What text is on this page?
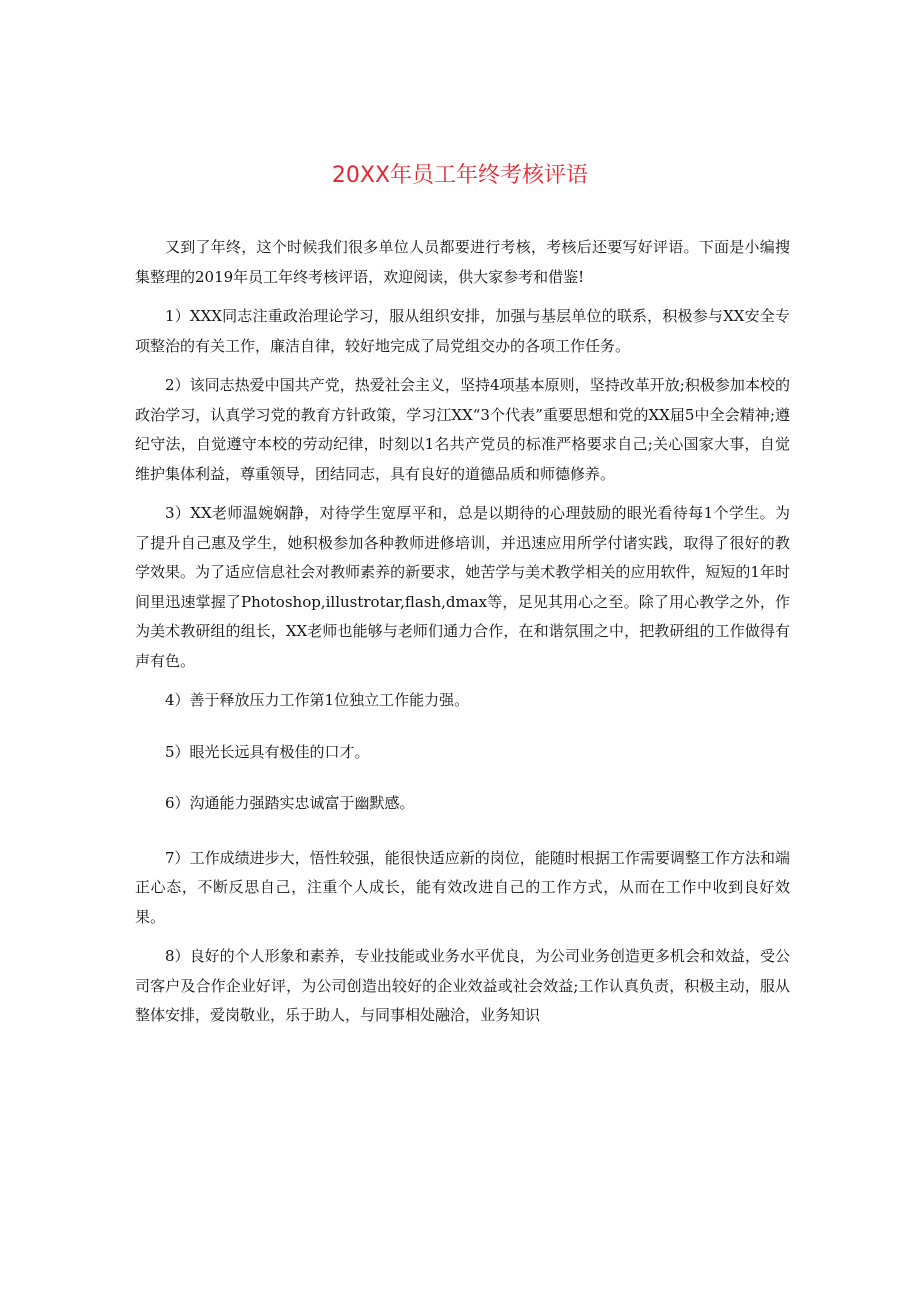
20XX年员工年终考核评语

又到了年终，这个时候我们很多单位人员都要进行考核，考核后还要写好评语。下面是小编搜集整理的2019年员工年终考核评语，欢迎阅读，供大家参考和借鉴!

1）XXX同志注重政治理论学习，服从组织安排，加强与基层单位的联系，积极参与XX安全专项整治的有关工作，廉洁自律，较好地完成了局党组交办的各项工作任务。

2）该同志热爱中国共产党，热爱社会主义，坚持4项基本原则，坚持改革开放;积极参加本校的政治学习，认真学习党的教育方针政策，学习江XX“3个代表”重要思想和党的XX届5中全会精神;遵纪守法，自觉遵守本校的劳动纪律，时刻以1名共产党员的标准严格要求自己;关心国家大事，自觉维护集体利益，尊重领导，团结同志，具有良好的道德品质和师德修养。

3）XX老师温婉娴静，对待学生宽厚平和，总是以期待的心理鼓励的眼光看待每1个学生。为了提升自己惠及学生，她积极参加各种教师进修培训，并迅速应用所学付诸实践，取得了很好的教学效果。为了适应信息社会对教师素养的新要求，她苦学与美术教学相关的应用软件，短短的1年时间里迅速掌握了Photoshop,illustrotar,flash,dmax等，足见其用心之至。除了用心教学之外，作为美术教研组的组长，XX老师也能够与老师们通力合作，在和谐氛围之中，把教研组的工作做得有声有色。

4）善于释放压力工作第1位独立工作能力强。

5）眼光长远具有极佳的口才。

6）沟通能力强踏实忠诚富于幽默感。

7）工作成绩进步大，悟性较强，能很快适应新的岗位，能随时根据工作需要调整工作方法和端正心态，不断反思自己，注重个人成长，能有效改进自己的工作方式，从而在工作中收到良好效果。

8）良好的个人形象和素养，专业技能或业务水平优良，为公司业务创造更多机会和效益，受公司客户及合作企业好评，为公司创造出较好的企业效益或社会效益;工作认真负责，积极主动，服从整体安排，爱岗敬业，乐于助人，与同事相处融洽，业务知识
